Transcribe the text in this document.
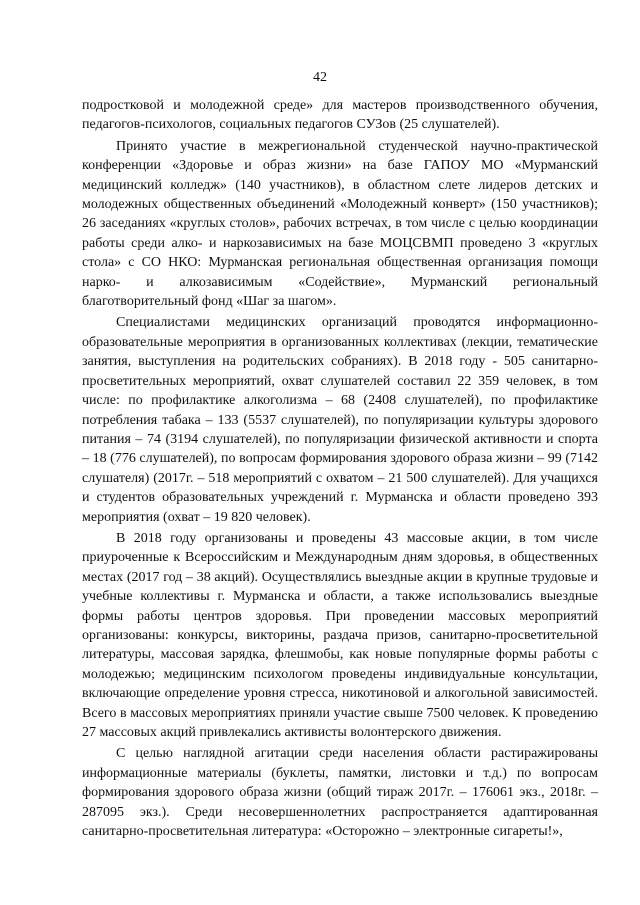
42

подростковой и молодежной среде» для мастеров производственного обучения, педагогов-психологов, социальных педагогов СУЗов (25 слушателей).

Принято участие в межрегиональной студенческой научно-практической конференции «Здоровье и образ жизни» на базе ГАПОУ МО «Мурманский медицинский колледж» (140 участников), в областном слете лидеров детских и молодежных общественных объединений «Молодежный конверт» (150 участников); 26 заседаниях «круглых столов», рабочих встречах, в том числе с целью координации работы среди алко- и наркозависимых на базе МОЦСВМП проведено 3 «круглых стола» с СО НКО: Мурманская региональная общественная организация помощи нарко- и алкозависимым «Содействие», Мурманский региональный благотворительный фонд «Шаг за шагом».

Специалистами медицинских организаций проводятся информационно-образовательные мероприятия в организованных коллективах (лекции, тематические занятия, выступления на родительских собраниях). В 2018 году - 505 санитарно-просветительных мероприятий, охват слушателей составил 22 359 человек, в том числе: по профилактике алкоголизма – 68 (2408 слушателей), по профилактике потребления табака – 133 (5537 слушателей), по популяризации культуры здорового питания – 74 (3194 слушателей), по популяризации физической активности и спорта – 18 (776 слушателей), по вопросам формирования здорового образа жизни – 99 (7142 слушателя) (2017г. – 518 мероприятий с охватом – 21 500 слушателей). Для учащихся и студентов образовательных учреждений г. Мурманска и области проведено 393 мероприятия (охват – 19 820 человек).

В 2018 году организованы и проведены 43 массовые акции, в том числе приуроченные к Всероссийским и Международным дням здоровья, в общественных местах (2017 год – 38 акций). Осуществлялись выездные акции в крупные трудовые и учебные коллективы г. Мурманска и области, а также использовались выездные формы работы центров здоровья. При проведении массовых мероприятий организованы: конкурсы, викторины, раздача призов, санитарно-просветительной литературы, массовая зарядка, флешмобы, как новые популярные формы работы с молодежью; медицинским психологом проведены индивидуальные консультации, включающие определение уровня стресса, никотиновой и алкогольной зависимостей. Всего в массовых мероприятиях приняли участие свыше 7500 человек. К проведению 27 массовых акций привлекались активисты волонтерского движения.

С целью наглядной агитации среди населения области растиражированы информационные материалы (буклеты, памятки, листовки и т.д.) по вопросам формирования здорового образа жизни (общий тираж 2017г. – 176061 экз., 2018г. – 287095 экз.). Среди несовершеннолетних распространяется адаптированная санитарно-просветительная литература: «Осторожно – электронные сигареты!»,
